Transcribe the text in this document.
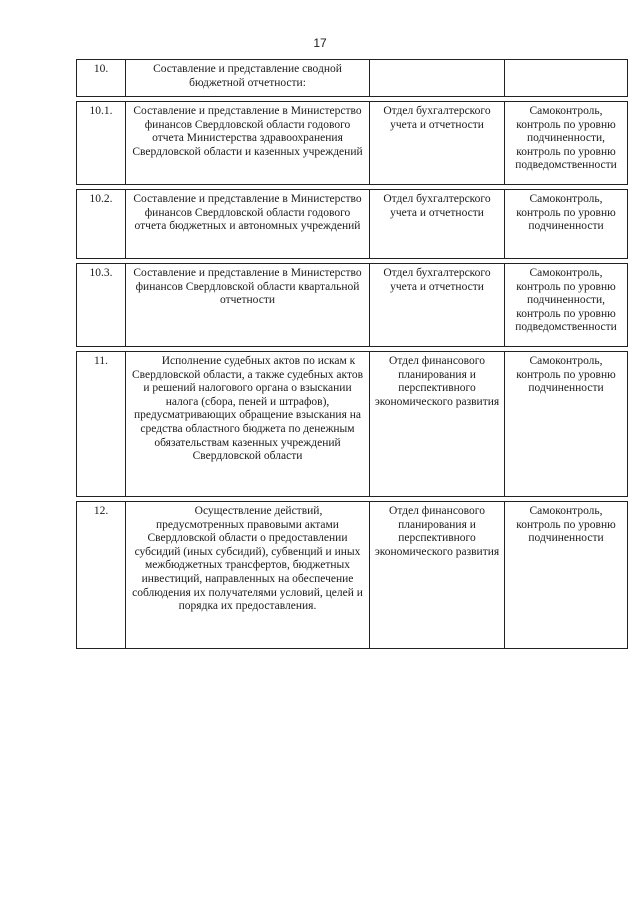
17
10.	Составление и представление сводной бюджетной отчетности:		

10.1.	Составление и представление в Министерство финансов Свердловской области годового отчета Министерства здравоохранения Свердловской области и казенных учреждений	Отдел бухгалтерского учета и отчетности	Самоконтроль, контроль по уровню подчиненности, контроль по уровню подведомственности

10.2.	Составление и представление в Министерство финансов Свердловской области годового отчета бюджетных и автономных учреждений	Отдел бухгалтерского учета и отчетности	Самоконтроль, контроль по уровню подчиненности

10.3.	Составление и представление в Министерство финансов Свердловской области квартальной отчетности	Отдел бухгалтерского учета и отчетности	Самоконтроль, контроль по уровню подчиненности, контроль по уровню подведомственности

11.	Исполнение судебных актов по искам к Свердловской области, а также судебных актов и решений налогового органа о взыскании налога (сбора, пеней и штрафов), предусматривающих обращение взыскания на средства областного бюджета по денежным обязательствам казенных учреждений Свердловской области	Отдел финансового планирования и перспективного экономического развития	Самоконтроль, контроль по уровню подчиненности

12.	Осуществление действий, предусмотренных правовыми актами Свердловской области о предоставлении субсидий (иных субсидий), субвенций и иных межбюджетных трансфертов, бюджетных инвестиций, направленных на обеспечение соблюдения их получателями условий, целей и порядка их предоставления.	Отдел финансового планирования и перспективного экономического развития	Самоконтроль, контроль по уровню подчиненности
